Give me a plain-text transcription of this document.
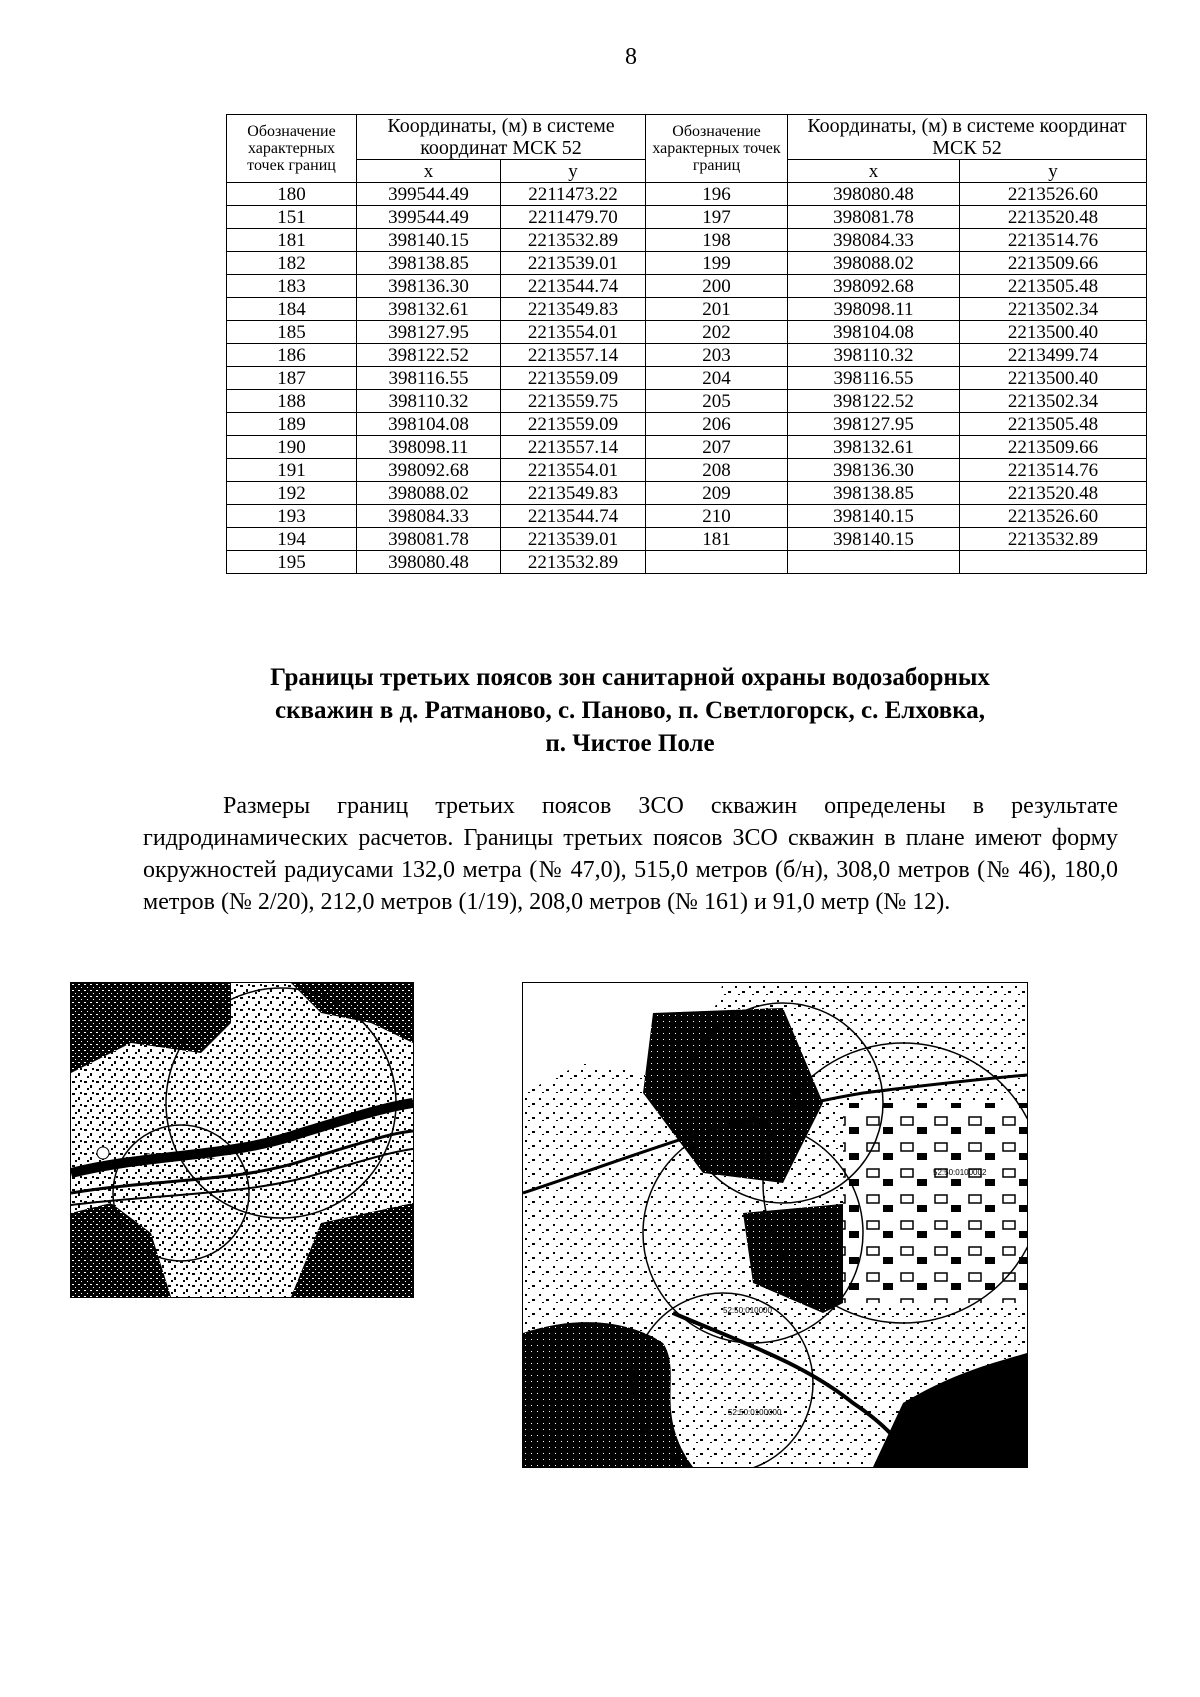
8
Обозначение характерных точек границ	Координаты, (м) в системе координат МСК 52		Обозначение характерных точек границ	Координаты, (м) в системе координат МСК 52	
	x	y		x	y
180	399544.49	2211473.22	196	398080.48	2213526.60
151	399544.49	2211479.70	197	398081.78	2213520.48
181	398140.15	2213532.89	198	398084.33	2213514.76
182	398138.85	2213539.01	199	398088.02	2213509.66
183	398136.30	2213544.74	200	398092.68	2213505.48
184	398132.61	2213549.83	201	398098.11	2213502.34
185	398127.95	2213554.01	202	398104.08	2213500.40
186	398122.52	2213557.14	203	398110.32	2213499.74
187	398116.55	2213559.09	204	398116.55	2213500.40
188	398110.32	2213559.75	205	398122.52	2213502.34
189	398104.08	2213559.09	206	398127.95	2213505.48
190	398098.11	2213557.14	207	398132.61	2213509.66
191	398092.68	2213554.01	208	398136.30	2213514.76
192	398088.02	2213549.83	209	398138.85	2213520.48
193	398084.33	2213544.74	210	398140.15	2213526.60
194	398081.78	2213539.01	181	398140.15	2213532.89
195	398080.48	2213532.89			
Границы третьих поясов зон санитарной охраны водозаборных
скважин в д. Ратманово, с. Паново, п. Светлогорск, с. Елховка,
п. Чистое Поле

Размеры границ третьих поясов ЗСО скважин определены в результате гидродинамических расчетов. Границы третьих поясов ЗСО скважин в плане имеют форму окружностей радиусами 132,0 метра (№ 47,0), 515,0 метров (б/н), 308,0 метров (№ 46), 180,0 метров (№ 2/20), 212,0 метров (1/19), 208,0 метров (№ 161) и 91,0 метр (№ 12).

52:50:0100000:302
52:50:0100000
52:50:0100002
52:50:010000
52:50:0100000
